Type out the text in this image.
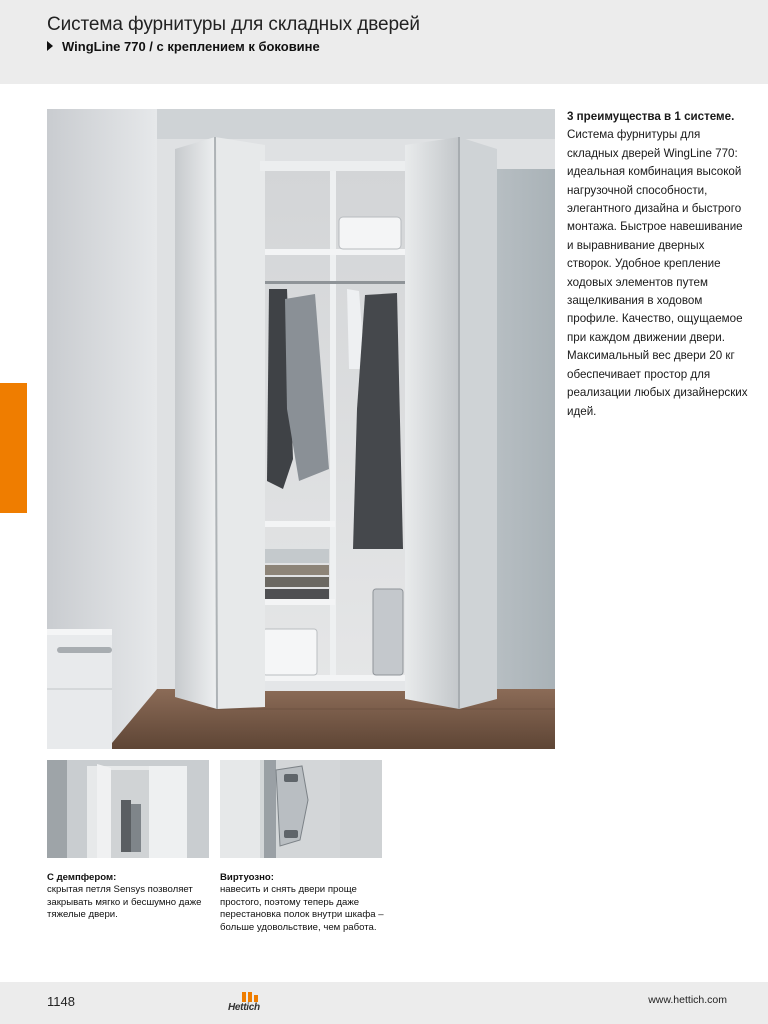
Система фурнитуры для складных дверей
WingLine 770 / с креплением к боковине
3 преимущества в 1 системе. Система фурнитуры для складных дверей WingLine 770: идеальная комбинация высокой нагрузочной способности, элегантного дизайна и быстрого монтажа. Быстрое навешивание и выравнивание дверных створок. Удобное крепление ходовых элементов путем защелкивания в ходовом профиле. Качество, ощущаемое при каждом движении двери. Максимальный вес двери 20 кг обеспечивает простор для реализации любых дизайнерских идей.
С демпфером:
скрытая петля Sensys позволяет закрывать мягко и бесшумно даже тяжелые двери.
Виртуозно:
навесить и снять двери проще простого, поэтому теперь даже перестановка полок внутри шкафа – больше удовольствие, чем работа.
1148	Hettich
www.hettich.com
